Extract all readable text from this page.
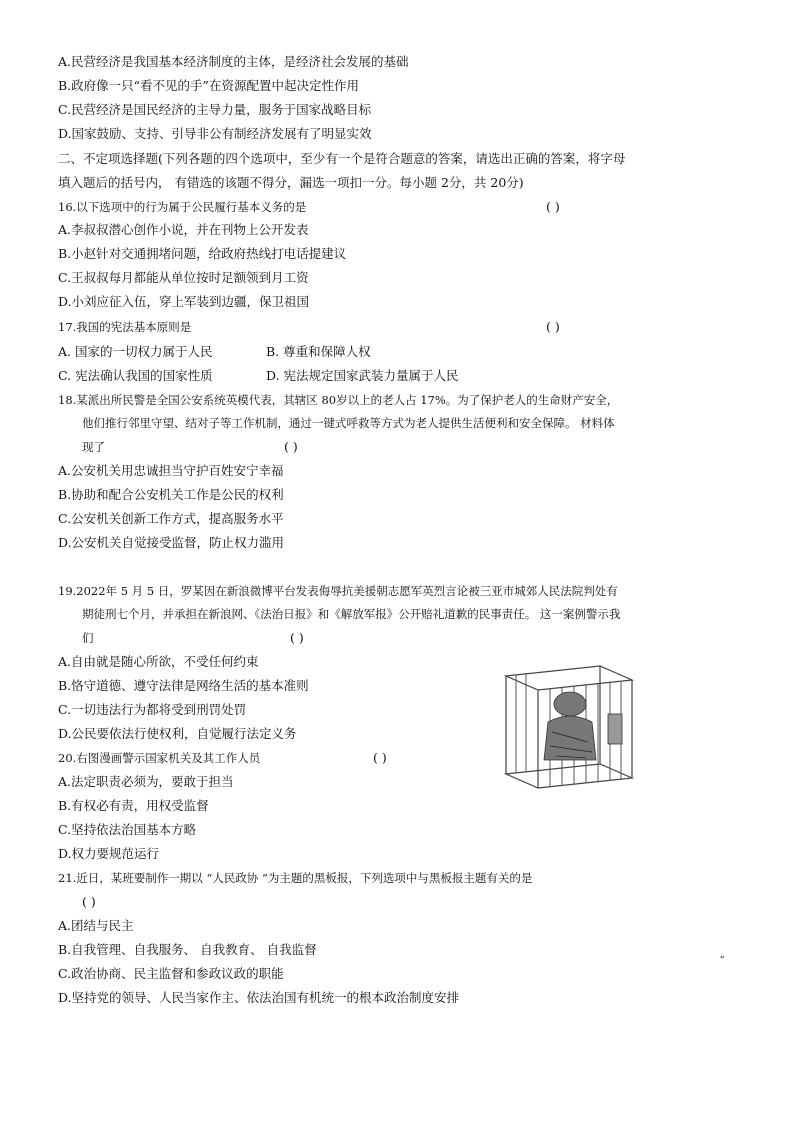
A.民营经济是我国基本经济制度的主体，是经济社会发展的基础
B.政府像一只“看不见的手”在资源配置中起决定性作用
C.民营经济是国民经济的主导力量，服务于国家战略目标
D.国家鼓励、支持、引导非公有制经济发展有了明显实效
二、不定项选择题(下列各题的四个选项中，至少有一个是符合题意的答案，请选出正确的答案，将字母
填入题后的括号内， 有错选的该题不得分，漏选一项扣一分。每小题 2分，共 20分)
16.以下选项中的行为属于公民履行基本义务的是	( )
A.李叔叔潜心创作小说，并在刊物上公开发表
B.小赵针对交通拥堵问题，给政府热线打电话提建议
C.王叔叔每月都能从单位按时足额领到月工资
D.小刘应征入伍，穿上军装到边疆，保卫祖国
17.我国的宪法基本原则是	( )
A. 国家的一切权力属于人民	B. 尊重和保障人权
C. 宪法确认我国的国家性质	D. 宪法规定国家武装力量属于人民
18.某派出所民警是全国公安系统英模代表，其辖区 80岁以上的老人占 17%。为了保护老人的生命财产安全，
他们推行邻里守望、结对子等工作机制，通过一键式呼救等方式为老人提供生活便利和安全保障。 材料体
现了	( )
A.公安机关用忠诚担当守护百姓安宁幸福
B.协助和配合公安机关工作是公民的权利
C.公安机关创新工作方式，提高服务水平
D.公安机关自觉接受监督，防止权力滥用
19.2022年 5 月 5 日，罗某因在新浪微博平台发表侮辱抗美援朝志愿军英烈言论被三亚市城郊人民法院判处有
期徒刑七个月，并承担在新浪网、《法治日报》和《解放军报》公开赔礼道歉的民事责任。 这一案例警示我
们	( )
A.自由就是随心所欲，不受任何约束
B.恪守道德、遵守法律是网络生活的基本准则
C.一切违法行为都将受到刑罚处罚
D.公民要依法行使权利，自觉履行法定义务
20.右图漫画警示国家机关及其工作人员	( )
A.法定职责必须为，要敢于担当
B.有权必有责，用权受监督
C.坚持依法治国基本方略
D.权力要规范运行
21.近日，某班要制作一期以 “人民政协 ”为主题的黑板报，下列选项中与黑板报主题有关的是
( )
A.团结与民主
B.自我管理、自我服务、 自我教育、 自我监督
C.政治协商、民主监督和参政议政的职能
D.坚持党的领导、人民当家作主、依法治国有机统一的根本政治制度安排
„
